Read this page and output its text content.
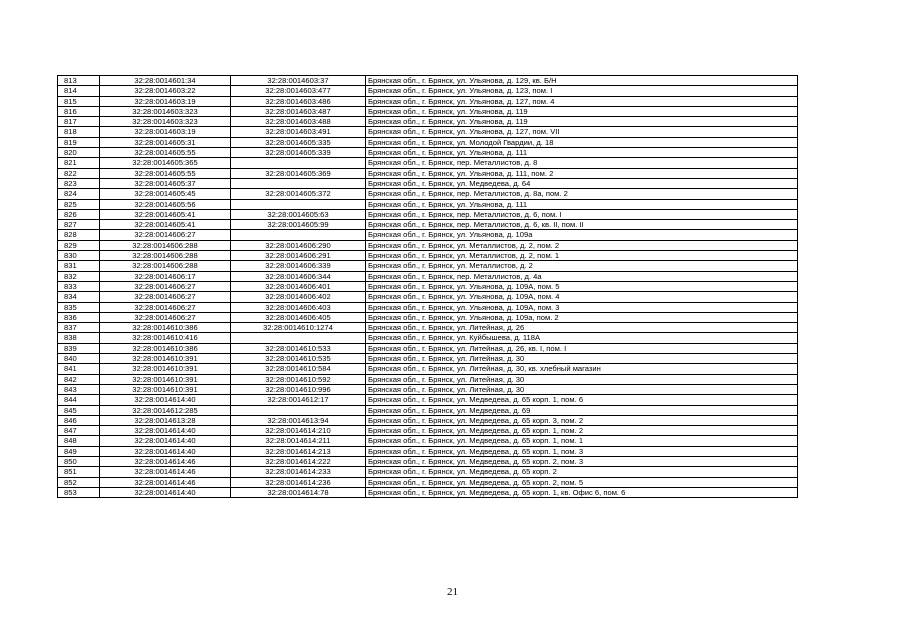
813	32:28:0014601:34	32:28:0014603:37	Брянская обл., г. Брянск, ул. Ульянова, д. 129, кв. Б/Н
814	32:28:0014603:22	32:28:0014603:477	Брянская обл., г. Брянск, ул. Ульянова, д. 123, пом. I
815	32:28:0014603:19	32:28:0014603:486	Брянская обл., г. Брянск, ул. Ульянова, д. 127, пом. 4
816	32:28:0014603:323	32:28:0014603:487	Брянская обл., г. Брянск, ул. Ульянова, д. 119
817	32:28:0014603:323	32:28:0014603:488	Брянская обл., г. Брянск, ул. Ульянова, д. 119
818	32:28:0014603:19	32:28:0014603:491	Брянская обл., г. Брянск, ул. Ульянова, д. 127, пом. VII
819	32:28:0014605:31	32:28:0014605:335	Брянская обл., г. Брянск, ул. Молодой Гвардии, д. 18
820	32:28:0014605:55	32:28:0014605:339	Брянская обл., г. Брянск, ул. Ульянова, д. 111
821	32:28:0014605:365		Брянская обл., г. Брянск, пер. Металлистов, д. 8
822	32:28:0014605:55	32:28:0014605:369	Брянская обл., г. Брянск, ул. Ульянова, д. 111, пом. 2
823	32:28:0014605:37		Брянская обл., г. Брянск, ул. Медведева, д. 64
824	32:28:0014605:45	32:28:0014605:372	Брянская обл., г. Брянск, пер. Металлистов, д. 8а, пом. 2
825	32:28:0014605:56		Брянская обл., г. Брянск, ул. Ульянова, д. 111
826	32:28:0014605:41	32:28:0014605:63	Брянская обл., г. Брянск, пер. Металлистов, д. 6, пом. I
827	32:28:0014605:41	32:28:0014605:99	Брянская обл., г. Брянск, пер. Металлистов, д. 6, кв. II, пом. II
828	32:28:0014606:27		Брянская обл., г. Брянск, ул. Ульянова, д. 109а
829	32:28:0014606:288	32:28:0014606:290	Брянская обл., г. Брянск, ул. Металлистов, д. 2, пом. 2
830	32:28:0014606:288	32:28:0014606:291	Брянская обл., г. Брянск, ул. Металлистов, д. 2, пом. 1
831	32:28:0014606:288	32:28:0014606:339	Брянская обл., г. Брянск, ул. Металлистов, д. 2
832	32:28:0014606:17	32:28:0014606:344	Брянская обл., г. Брянск, пер. Металлистов, д. 4а
833	32:28:0014606:27	32:28:0014606:401	Брянская обл., г. Брянск, ул. Ульянова, д. 109А, пом. 5
834	32:28:0014606:27	32:28:0014606:402	Брянская обл., г. Брянск, ул. Ульянова, д. 109А, пом. 4
835	32:28:0014606:27	32:28:0014606:403	Брянская обл., г. Брянск, ул. Ульянова, д. 109А, пом. 3
836	32:28:0014606:27	32:28:0014606:405	Брянская обл., г. Брянск, ул. Ульянова, д. 109а, пом. 2
837	32:28:0014610:386	32:28:0014610:1274	Брянская обл., г. Брянск, ул. Литейная, д. 26
838	32:28:0014610:416		Брянская обл., г. Брянск, ул. Куйбышева, д. 118А
839	32:28:0014610:386	32:28:0014610:533	Брянская обл., г. Брянск, ул. Литейная, д. 26, кв. I, пом. I
840	32:28:0014610:391	32:28:0014610:535	Брянская обл., г. Брянск, ул. Литейная, д. 30
841	32:28:0014610:391	32:28:0014610:584	Брянская обл., г. Брянск, ул. Литейная, д. 30, кв. хлебный магазин
842	32:28:0014610:391	32:28:0014610:592	Брянская обл., г. Брянск, ул. Литейная, д. 30
843	32:28:0014610:391	32:28:0014610:996	Брянская обл., г. Брянск, ул. Литейная, д. 30
844	32:28:0014614:40	32:28:0014612:17	Брянская обл., г. Брянск, ул. Медведева, д. 65 корп. 1, пом. 6
845	32:28:0014612:285		Брянская обл., г. Брянск, ул. Медведева, д. 69
846	32:28:0014613:28	32:28:0014613:94	Брянская обл., г. Брянск, ул. Медведева, д. 65 корп. 3, пом. 2
847	32:28:0014614:40	32:28:0014614:210	Брянская обл., г. Брянск, ул. Медведева, д. 65 корп. 1, пом. 2
848	32:28:0014614:40	32:28:0014614:211	Брянская обл., г. Брянск, ул. Медведева, д. 65 корп. 1, пом. 1
849	32:28:0014614:40	32:28:0014614:213	Брянская обл., г. Брянск, ул. Медведева, д. 65 корп. 1, пом. 3
850	32:28:0014614:46	32:28:0014614:222	Брянская обл., г. Брянск, ул. Медведева, д. 65 корп. 2, пом. 3
851	32:28:0014614:46	32:28:0014614:233	Брянская обл., г. Брянск, ул. Медведева, д. 65 корп. 2
852	32:28:0014614:46	32:28:0014614:236	Брянская обл., г. Брянск, ул. Медведева, д. 65 корп. 2, пом. 5
853	32:28:0014614:40	32:28:0014614:78	Брянская обл., г. Брянск, ул. Медведева, д. 65 корп. 1, кв. Офис 6, пом. 6
21
